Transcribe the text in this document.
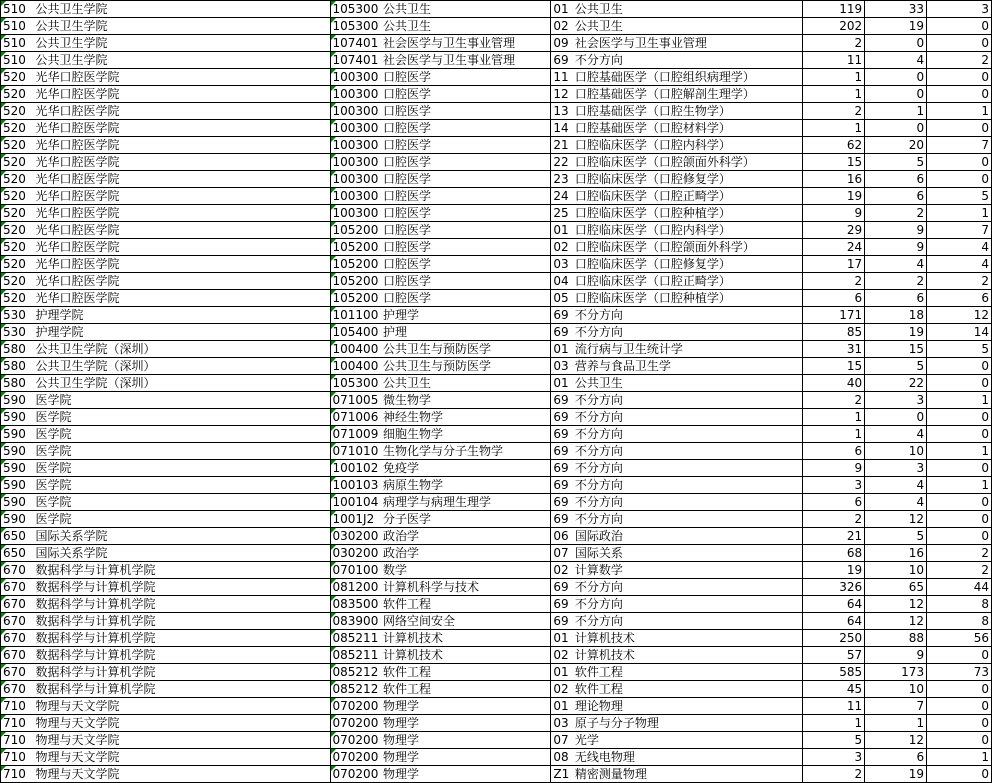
510	公共卫生学院	105300	公共卫生	01	公共卫生	119	33	3
510	公共卫生学院	105300	公共卫生	02	公共卫生	202	19	0
510	公共卫生学院	107401	社会医学与卫生事业管理	09	社会医学与卫生事业管理	2	0	0
510	公共卫生学院	107401	社会医学与卫生事业管理	69	不分方向	11	4	2
520	光华口腔医学院	100300	口腔医学	11	口腔基础医学（口腔组织病理学）	1	0	0
520	光华口腔医学院	100300	口腔医学	12	口腔基础医学（口腔解剖生理学）	1	0	0
520	光华口腔医学院	100300	口腔医学	13	口腔基础医学（口腔生物学）	2	1	1
520	光华口腔医学院	100300	口腔医学	14	口腔基础医学（口腔材料学）	1	0	0
520	光华口腔医学院	100300	口腔医学	21	口腔临床医学（口腔内科学）	62	20	7
520	光华口腔医学院	100300	口腔医学	22	口腔临床医学（口腔颌面外科学）	15	5	0
520	光华口腔医学院	100300	口腔医学	23	口腔临床医学（口腔修复学）	16	6	0
520	光华口腔医学院	100300	口腔医学	24	口腔临床医学（口腔正畸学）	19	6	5
520	光华口腔医学院	100300	口腔医学	25	口腔临床医学（口腔种植学）	9	2	1
520	光华口腔医学院	105200	口腔医学	01	口腔临床医学（口腔内科学）	29	9	7
520	光华口腔医学院	105200	口腔医学	02	口腔临床医学（口腔颌面外科学）	24	9	4
520	光华口腔医学院	105200	口腔医学	03	口腔临床医学（口腔修复学）	17	4	4
520	光华口腔医学院	105200	口腔医学	04	口腔临床医学（口腔正畸学）	2	2	2
520	光华口腔医学院	105200	口腔医学	05	口腔临床医学（口腔种植学）	6	6	6
530	护理学院	101100	护理学	69	不分方向	171	18	12
530	护理学院	105400	护理	69	不分方向	85	19	14
580	公共卫生学院（深圳）	100400	公共卫生与预防医学	01	流行病与卫生统计学	31	15	5
580	公共卫生学院（深圳）	100400	公共卫生与预防医学	03	营养与食品卫生学	15	5	0
580	公共卫生学院（深圳）	105300	公共卫生	01	公共卫生	40	22	0
590	医学院	071005	微生物学	69	不分方向	2	3	1
590	医学院	071006	神经生物学	69	不分方向	1	0	0
590	医学院	071009	细胞生物学	69	不分方向	1	4	0
590	医学院	071010	生物化学与分子生物学	69	不分方向	6	10	1
590	医学院	100102	免疫学	69	不分方向	9	3	0
590	医学院	100103	病原生物学	69	不分方向	3	4	1
590	医学院	100104	病理学与病理生理学	69	不分方向	6	4	0
590	医学院	1001J2	分子医学	69	不分方向	2	12	0
650	国际关系学院	030200	政治学	06	国际政治	21	5	0
650	国际关系学院	030200	政治学	07	国际关系	68	16	2
670	数据科学与计算机学院	070100	数学	02	计算数学	19	10	2
670	数据科学与计算机学院	081200	计算机科学与技术	69	不分方向	326	65	44
670	数据科学与计算机学院	083500	软件工程	69	不分方向	64	12	8
670	数据科学与计算机学院	083900	网络空间安全	69	不分方向	64	12	8
670	数据科学与计算机学院	085211	计算机技术	01	计算机技术	250	88	56
670	数据科学与计算机学院	085211	计算机技术	02	计算机技术	57	9	0
670	数据科学与计算机学院	085212	软件工程	01	软件工程	585	173	73
670	数据科学与计算机学院	085212	软件工程	02	软件工程	45	10	0
710	物理与天文学院	070200	物理学	01	理论物理	11	7	0
710	物理与天文学院	070200	物理学	03	原子与分子物理	1	1	0
710	物理与天文学院	070200	物理学	07	光学	5	12	0
710	物理与天文学院	070200	物理学	08	无线电物理	3	6	1
710	物理与天文学院	070200	物理学	Z1	精密测量物理	2	19	0
